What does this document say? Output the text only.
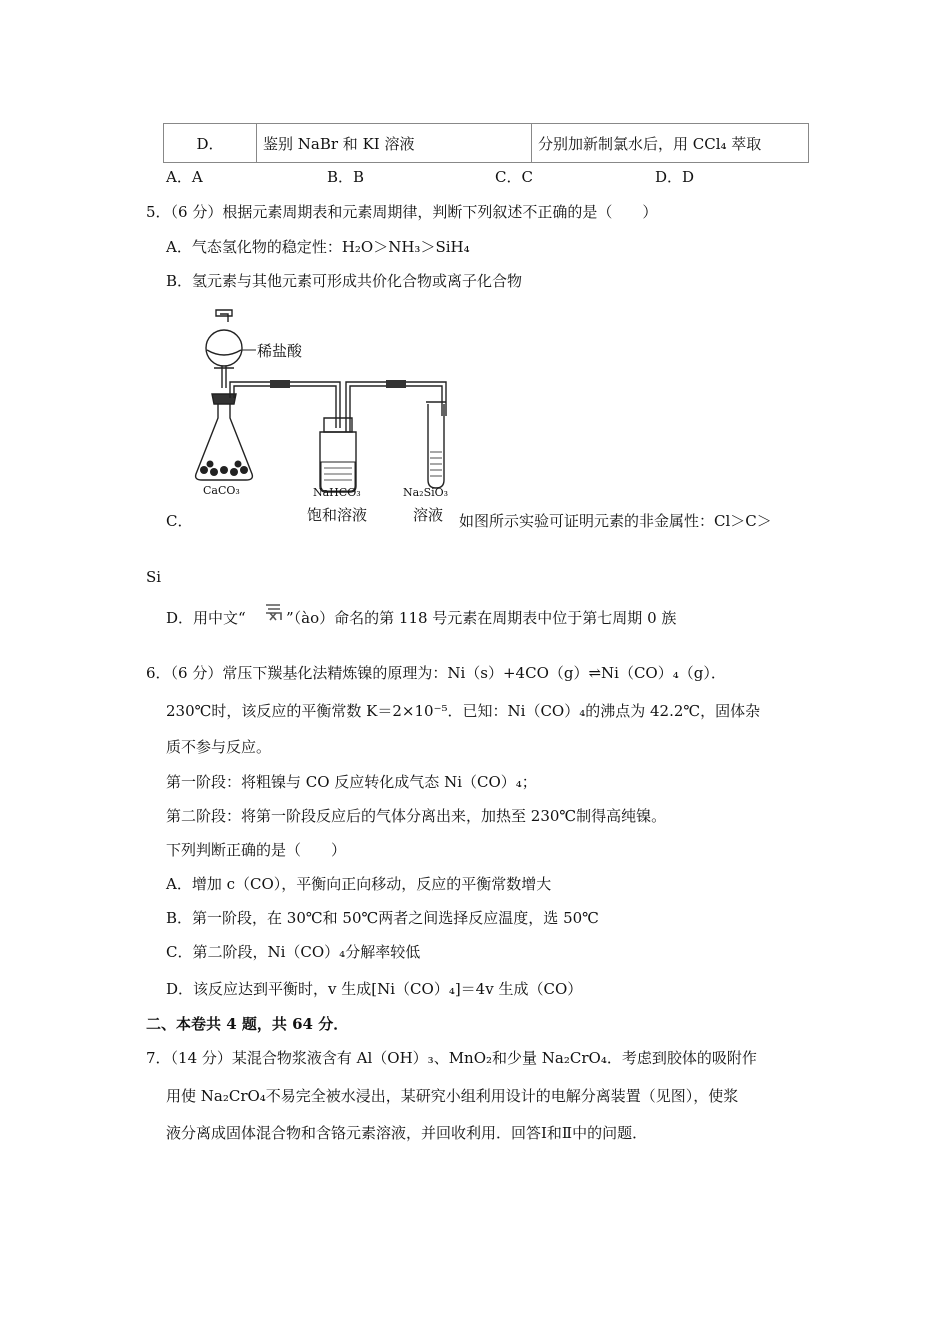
D．	鉴别 NaBr 和 KI 溶液	分别加新制氯水后，用 CCl₄ 萃取
A．A	B．B	C．C	D．D
5．（6 分）根据元素周期表和元素周期律，判断下列叙述不正确的是（　　）
A．气态氢化物的稳定性：H₂O＞NH₃＞SiH₄
B．氢元素与其他元素可形成共价化合物或离子化合物
稀盐酸
CaCO₃	NaHCO₃
饱和溶液
Na₂SiO₃
溶液
C．	如图所示实验可证明元素的非金属性：Cl＞C＞
Si
D．用中文“	”（ào）命名的第 118 号元素在周期表中位于第七周期 0 族
6．（6 分）常压下羰基化法精炼镍的原理为：Ni（s）+4CO（g）⇌Ni（CO）₄（g）．
230℃时，该反应的平衡常数 K＝2×10⁻⁵．已知：Ni（CO）₄的沸点为 42.2℃，固体杂
质不参与反应。
第一阶段：将粗镍与 CO 反应转化成气态 Ni（CO）₄；
第二阶段：将第一阶段反应后的气体分离出来，加热至 230℃制得高纯镍。
下列判断正确的是（　　）
A．增加 c（CO），平衡向正向移动，反应的平衡常数增大
B．第一阶段，在 30℃和 50℃两者之间选择反应温度，选 50℃
C．第二阶段，Ni（CO）₄分解率较低
D．该反应达到平衡时，v 生成[Ni（CO）₄]＝4v 生成（CO）
二、本卷共 4 题，共 64 分．
7．（14 分）某混合物浆液含有 Al（OH）₃、MnO₂和少量 Na₂CrO₄．考虑到胶体的吸附作
用使 Na₂CrO₄不易完全被水浸出，某研究小组利用设计的电解分离装置（见图），使浆
液分离成固体混合物和含铬元素溶液，并回收利用．回答Ⅰ和Ⅱ中的问题．
